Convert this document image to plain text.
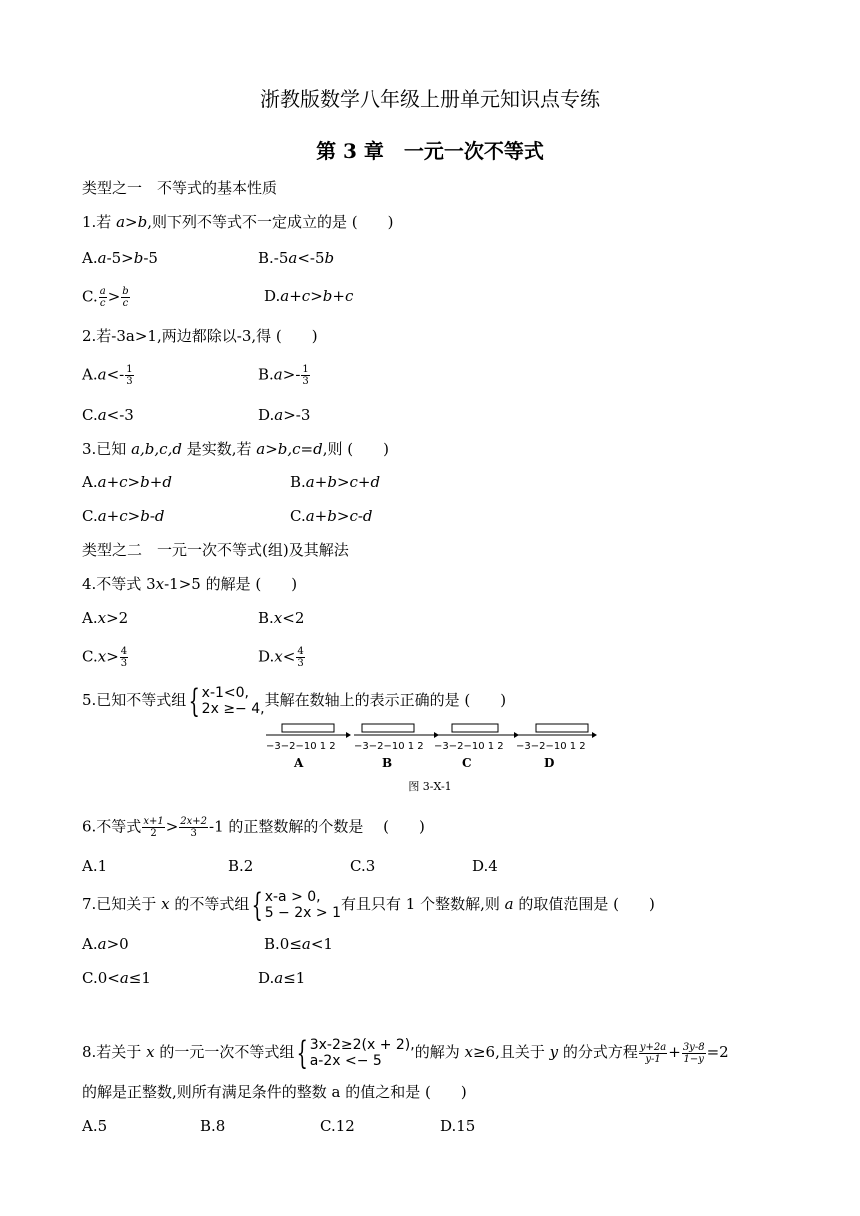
浙教版数学八年级上册单元知识点专练
第 3 章　一元一次不等式
类型之一　不等式的基本性质
1.若 a>b,则下列不等式不一定成立的是 (　　)
A.a-5>b-5	B.-5a<-5b
C. $\frac{a}{c} > \frac{b}{c}$	D.a+c>b+c
2.若-3a>1,两边都除以-3,得 (　　)
$A.a<- \frac{1}{3}$	$B.a>- \frac{1}{3}$
C.a<-3	D.a>-3
3.已知 a,b,c,d 是实数,若 a>b,c=d,则 (　　)
A.a+c>b+d	B.a+b>c+d
C.a+c>b-d	C.a+b>c-d
类型之二　一元一次不等式(组)及其解法
4.不等式 3x-1>5 的解是 (　　)
A.x>2	B.x<2
$C.x> \frac{4}{3}$	$D.x< \frac{4}{3}$
5.已知不等式组{ x-1<0,
2x ≥− 4, 其解在数轴上的表示正确的是 (　　)
−3−2−10 1 2 −3−2−10 1 2 −3−2−10 1 2 −3−2−10 1 2
A	B	C	D
图 3-X-1
6.不等式 $\frac{x+1}{2} > \frac{2x+2}{3} -1$ 的正整数解的个数是　 (　　)
A.1	B.2	C.3	D.4
7.已知关于 x 的不等式组{ x-a > 0,
5 − 2x > 1 有且只有 1 个整数解,则 a 的取值范围是 (　　)
A.a>0	B.0≤a<1
C.0<a≤1	D.a≤1
8.若关于 x 的一元一次不等式组{ 3x-2≥2(x + 2),
a-2x <− 5	的解为 x≥6,且关于 y 的分式方程 $\frac{y+2a}{y-1} + \frac{3y-8}{1-y} =2$
的解是正整数,则所有满足条件的整数 a 的值之和是 (　　)
A.5	B.8	C.12	D.15
